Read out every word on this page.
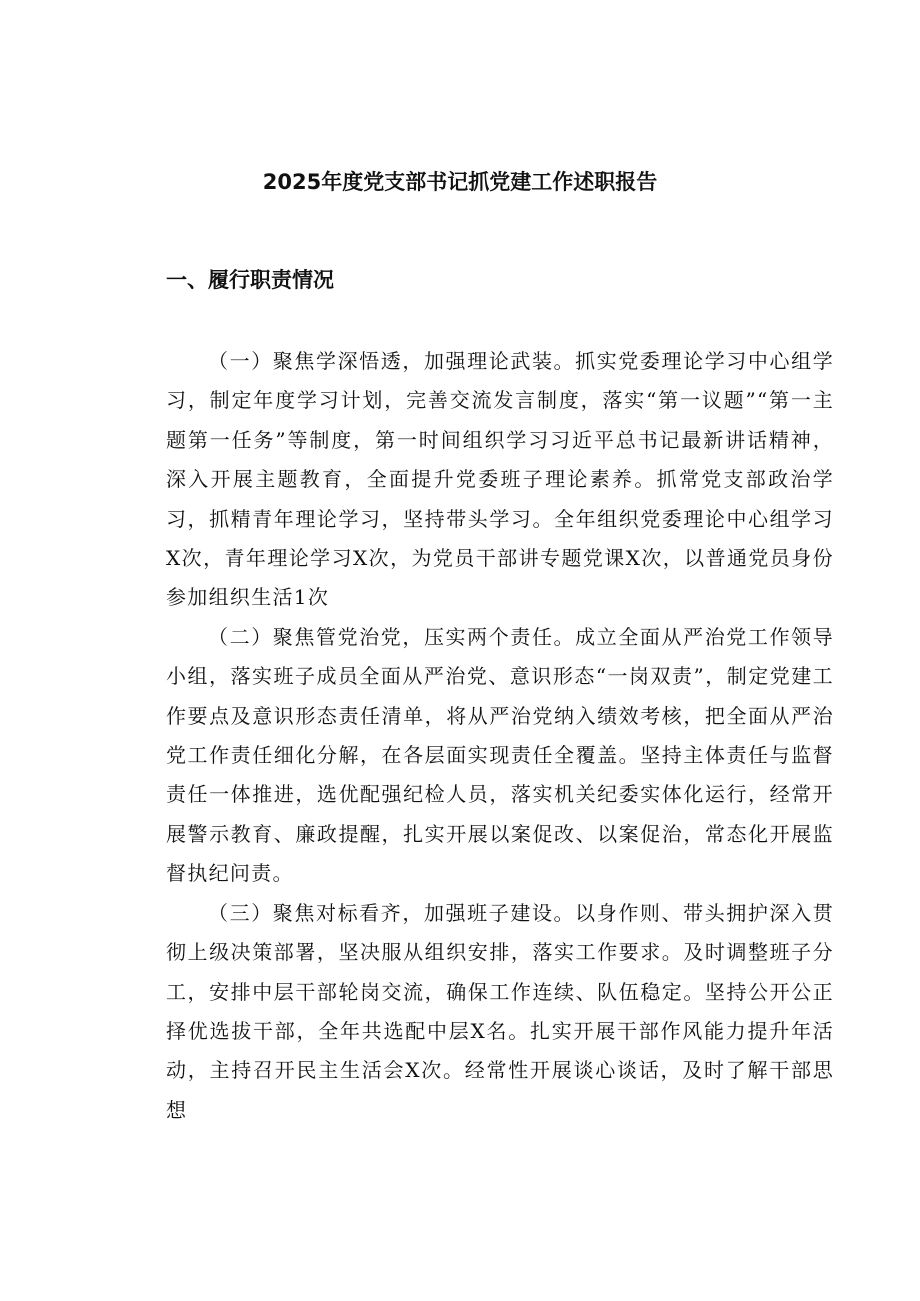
2025年度党支部书记抓党建工作述职报告
一、履行职责情况

（一）聚焦学深悟透，加强理论武装。抓实党委理论学习中心组学习，制定年度学习计划，完善交流发言制度，落实“第一议题”“第一主题第一任务”等制度，第一时间组织学习习近平总书记最新讲话精神，深入开展主题教育，全面提升党委班子理论素养。抓常党支部政治学习，抓精青年理论学习，坚持带头学习。全年组织党委理论中心组学习X次，青年理论学习X次，为党员干部讲专题党课X次，以普通党员身份参加组织生活1次

（二）聚焦管党治党，压实两个责任。成立全面从严治党工作领导小组，落实班子成员全面从严治党、意识形态“一岗双责”，制定党建工作要点及意识形态责任清单，将从严治党纳入绩效考核，把全面从严治党工作责任细化分解，在各层面实现责任全覆盖。坚持主体责任与监督责任一体推进，选优配强纪检人员，落实机关纪委实体化运行，经常开展警示教育、廉政提醒，扎实开展以案促改、以案促治，常态化开展监督执纪问责。

（三）聚焦对标看齐，加强班子建设。以身作则、带头拥护深入贯彻上级决策部署，坚决服从组织安排，落实工作要求。及时调整班子分工，安排中层干部轮岗交流，确保工作连续、队伍稳定。坚持公开公正择优选拔干部，全年共选配中层X名。扎实开展干部作风能力提升年活动，主持召开民主生活会X次。经常性开展谈心谈话，及时了解干部思想
